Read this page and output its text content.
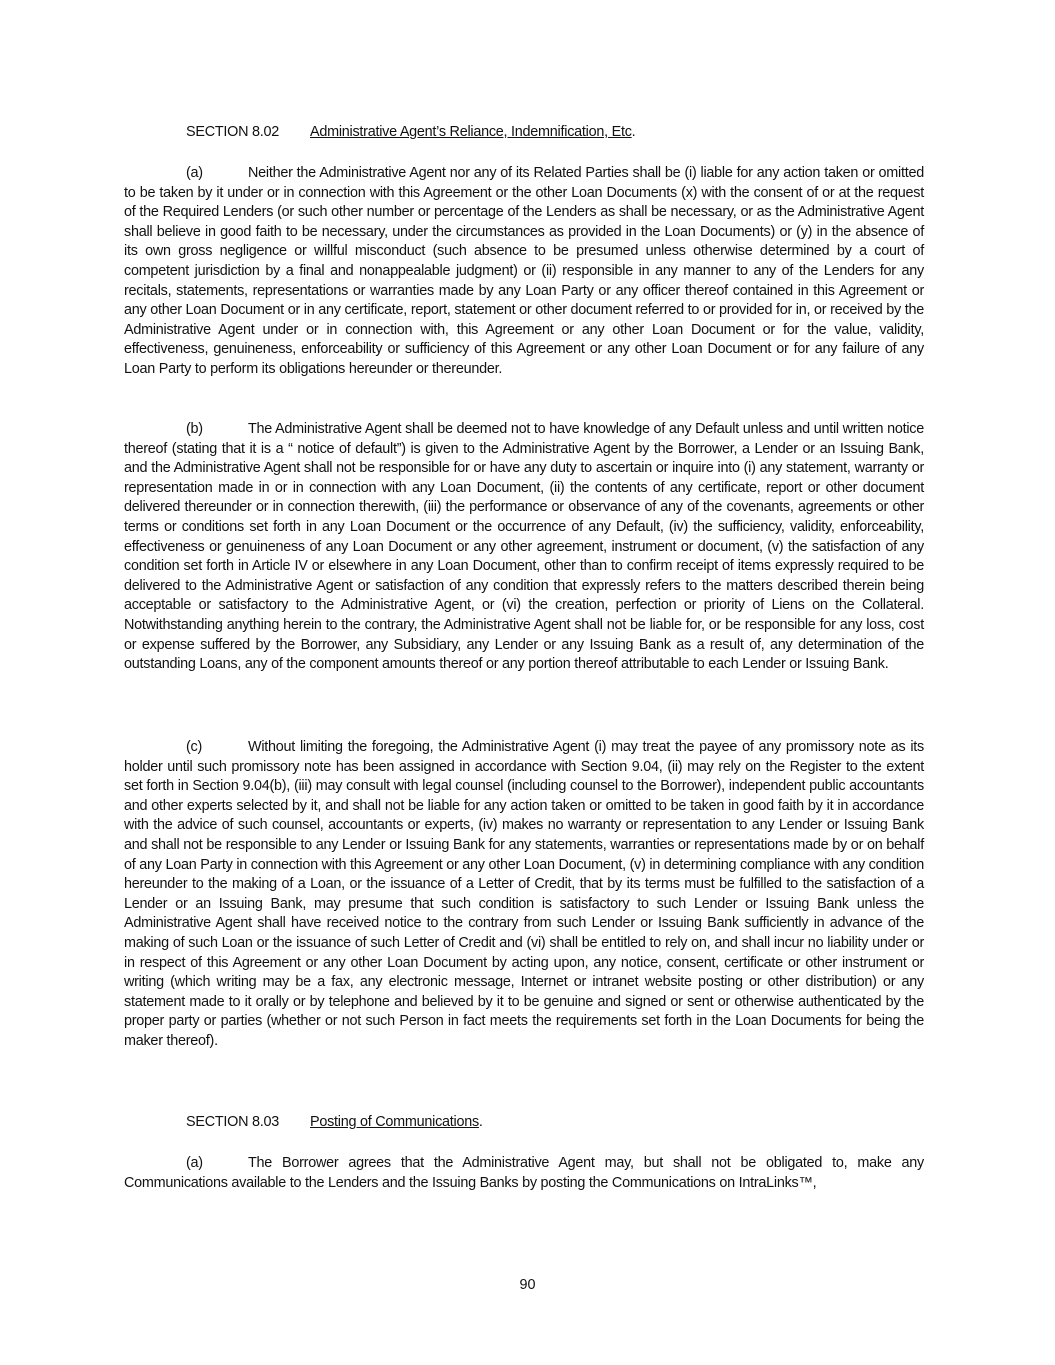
SECTION 8.02 Administrative Agent’s Reliance, Indemnification, Etc.
(a)	Neither the Administrative Agent nor any of its Related Parties shall be (i) liable for any action taken or omitted to be taken by it under or in connection with this Agreement or the other Loan Documents (x) with the consent of or at the request of the Required Lenders (or such other number or percentage of the Lenders as shall be necessary, or as the Administrative Agent shall believe in good faith to be necessary, under the circumstances as provided in the Loan Documents) or (y) in the absence of its own gross negligence or willful misconduct (such absence to be presumed unless otherwise determined by a court of competent jurisdiction by a final and nonappealable judgment) or (ii) responsible in any manner to any of the Lenders for any recitals, statements, representations or warranties made by any Loan Party or any officer thereof contained in this Agreement or any other Loan Document or in any certificate, report, statement or other document referred to or provided for in, or received by the Administrative Agent under or in connection with, this Agreement or any other Loan Document or for the value, validity, effectiveness, genuineness, enforceability or sufficiency of this Agreement or any other Loan Document or for any failure of any Loan Party to perform its obligations hereunder or thereunder.
(b)	The Administrative Agent shall be deemed not to have knowledge of any Default unless and until written notice thereof (stating that it is a “ notice of default”) is given to the Administrative Agent by the Borrower, a Lender or an Issuing Bank, and the Administrative Agent shall not be responsible for or have any duty to ascertain or inquire into (i) any statement, warranty or representation made in or in connection with any Loan Document, (ii) the contents of any certificate, report or other document delivered thereunder or in connection therewith, (iii) the performance or observance of any of the covenants, agreements or other terms or conditions set forth in any Loan Document or the occurrence of any Default, (iv) the sufficiency, validity, enforceability, effectiveness or genuineness of any Loan Document or any other agreement, instrument or document, (v) the satisfaction of any condition set forth in Article IV or elsewhere in any Loan Document, other than to confirm receipt of items expressly required to be delivered to the Administrative Agent or satisfaction of any condition that expressly refers to the matters described therein being acceptable or satisfactory to the Administrative Agent, or (vi) the creation, perfection or priority of Liens on the Collateral. Notwithstanding anything herein to the contrary, the Administrative Agent shall not be liable for, or be responsible for any loss, cost or expense suffered by the Borrower, any Subsidiary, any Lender or any Issuing Bank as a result of, any determination of the outstanding Loans, any of the component amounts thereof or any portion thereof attributable to each Lender or Issuing Bank.
(c)	Without limiting the foregoing, the Administrative Agent (i) may treat the payee of any promissory note as its holder until such promissory note has been assigned in accordance with Section 9.04, (ii) may rely on the Register to the extent set forth in Section 9.04(b), (iii) may consult with legal counsel (including counsel to the Borrower), independent public accountants and other experts selected by it, and shall not be liable for any action taken or omitted to be taken in good faith by it in accordance with the advice of such counsel, accountants or experts, (iv) makes no warranty or representation to any Lender or Issuing Bank and shall not be responsible to any Lender or Issuing Bank for any statements, warranties or representations made by or on behalf of any Loan Party in connection with this Agreement or any other Loan Document, (v) in determining compliance with any condition hereunder to the making of a Loan, or the issuance of a Letter of Credit, that by its terms must be fulfilled to the satisfaction of a Lender or an Issuing Bank, may presume that such condition is satisfactory to such Lender or Issuing Bank unless the Administrative Agent shall have received notice to the contrary from such Lender or Issuing Bank sufficiently in advance of the making of such Loan or the issuance of such Letter of Credit and (vi) shall be entitled to rely on, and shall incur no liability under or in respect of this Agreement or any other Loan Document by acting upon, any notice, consent, certificate or other instrument or writing (which writing may be a fax, any electronic message, Internet or intranet website posting or other distribution) or any statement made to it orally or by telephone and believed by it to be genuine and signed or sent or otherwise authenticated by the proper party or parties (whether or not such Person in fact meets the requirements set forth in the Loan Documents for being the maker thereof).
SECTION 8.03 Posting of Communications.
(a)	The Borrower agrees that the Administrative Agent may, but shall not be obligated to, make any Communications available to the Lenders and the Issuing Banks by posting the Communications on IntraLinks™,
90
